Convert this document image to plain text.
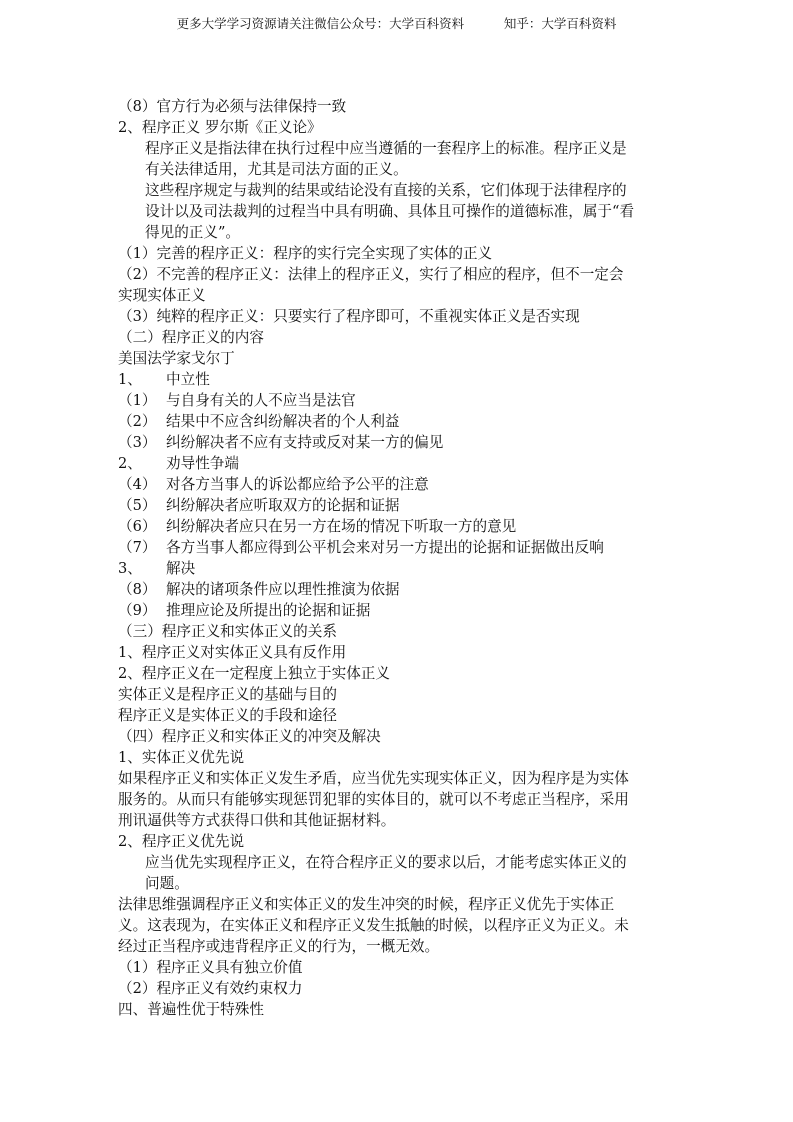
更多大学学习资源请关注微信公众号：大学百科资料          知乎：大学百科资料
（8）官方行为必须与法律保持一致
2、程序正义 罗尔斯《正义论》
程序正义是指法律在执行过程中应当遵循的一套程序上的标准。程序正义是
有关法律适用，尤其是司法方面的正义。
这些程序规定与裁判的结果或结论没有直接的关系，它们体现于法律程序的
设计以及司法裁判的过程当中具有明确、具体且可操作的道德标准，属于“看
得见的正义”。
（1）完善的程序正义：程序的实行完全实现了实体的正义
（2）不完善的程序正义：法律上的程序正义，实行了相应的程序，但不一定会
实现实体正义
（3）纯粹的程序正义：只要实行了程序即可，不重视实体正义是否实现
（二）程序正义的内容
美国法学家戈尔丁
1、 中立性
（1） 与自身有关的人不应当是法官
（2） 结果中不应含纠纷解决者的个人利益
（3） 纠纷解决者不应有支持或反对某一方的偏见
2、 劝导性争端
（4） 对各方当事人的诉讼都应给予公平的注意
（5） 纠纷解决者应听取双方的论据和证据
（6） 纠纷解决者应只在另一方在场的情况下听取一方的意见
（7） 各方当事人都应得到公平机会来对另一方提出的论据和证据做出反响
3、 解决
（8） 解决的诸项条件应以理性推演为依据
（9） 推理应论及所提出的论据和证据
（三）程序正义和实体正义的关系
1、程序正义对实体正义具有反作用
2、程序正义在一定程度上独立于实体正义
实体正义是程序正义的基础与目的
程序正义是实体正义的手段和途径
（四）程序正义和实体正义的冲突及解决
1、实体正义优先说
如果程序正义和实体正义发生矛盾，应当优先实现实体正义，因为程序是为实体
服务的。从而只有能够实现惩罚犯罪的实体目的，就可以不考虑正当程序，采用
刑讯逼供等方式获得口供和其他证据材料。
2、程序正义优先说
应当优先实现程序正义，在符合程序正义的要求以后，才能考虑实体正义的
问题。
法律思维强调程序正义和实体正义的发生冲突的时候，程序正义优先于实体正
义。这表现为，在实体正义和程序正义发生抵触的时候，以程序正义为正义。未
经过正当程序或违背程序正义的行为，一概无效。
（1）程序正义具有独立价值
（2）程序正义有效约束权力
四、普遍性优于特殊性
